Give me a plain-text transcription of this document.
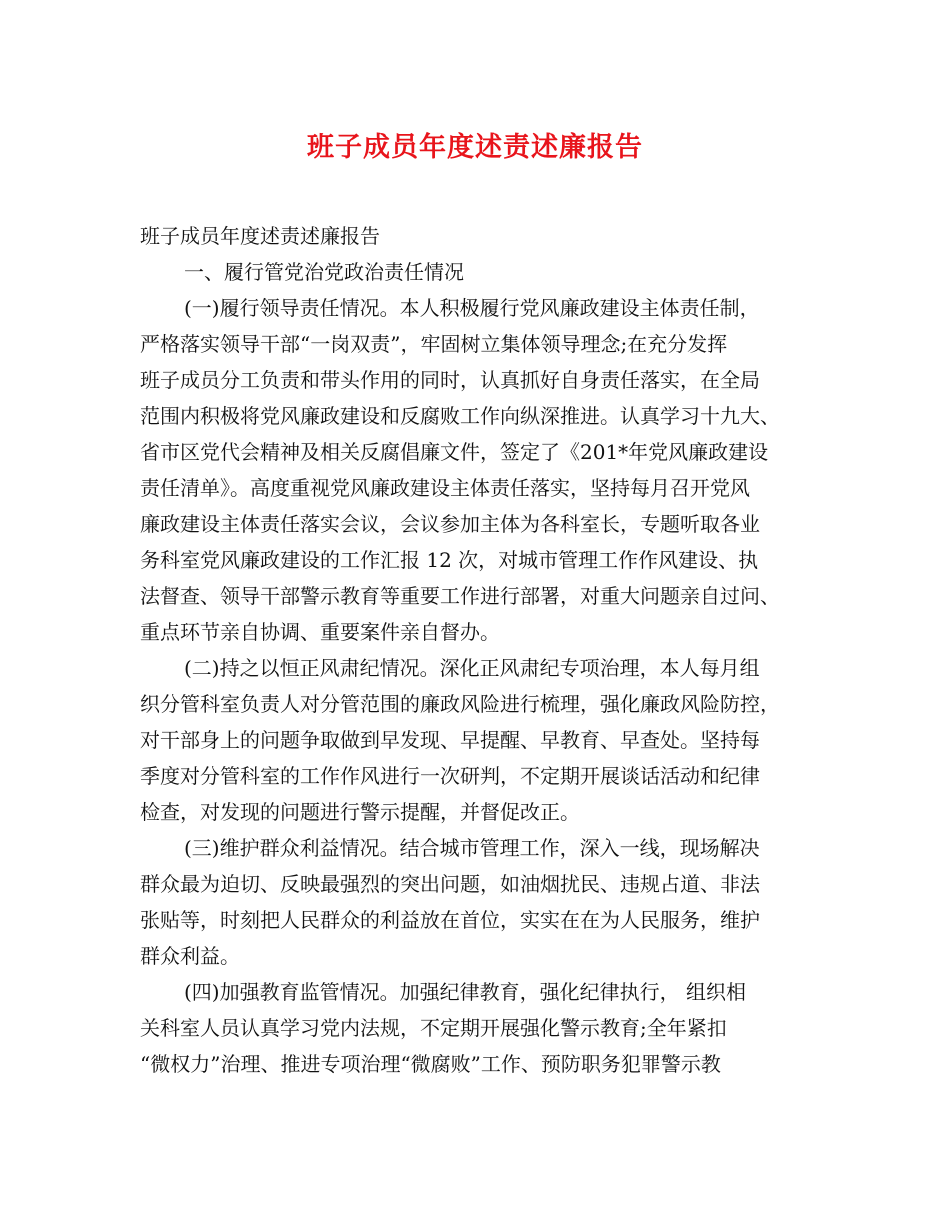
班子成员年度述责述廉报告
班子成员年度述责述廉报告
一、履行管党治党政治责任情况
(一)履行领导责任情况。本人积极履行党风廉政建设主体责任制，
严格落实领导干部“一岗双责”，牢固树立集体领导理念;在充分发挥
班子成员分工负责和带头作用的同时，认真抓好自身责任落实，在全局
范围内积极将党风廉政建设和反腐败工作向纵深推进。认真学习十九大、
省市区党代会精神及相关反腐倡廉文件，签定了《201*年党风廉政建设
责任清单》。高度重视党风廉政建设主体责任落实，坚持每月召开党风
廉政建设主体责任落实会议，会议参加主体为各科室长，专题听取各业
务科室党风廉政建设的工作汇报 12 次，对城市管理工作作风建设、执
法督查、领导干部警示教育等重要工作进行部署，对重大问题亲自过问、
重点环节亲自协调、重要案件亲自督办。
(二)持之以恒正风肃纪情况。深化正风肃纪专项治理，本人每月组
织分管科室负责人对分管范围的廉政风险进行梳理，强化廉政风险防控，
对干部身上的问题争取做到早发现、早提醒、早教育、早查处。坚持每
季度对分管科室的工作作风进行一次研判，不定期开展谈话活动和纪律
检查，对发现的问题进行警示提醒，并督促改正。
(三)维护群众利益情况。结合城市管理工作，深入一线，现场解决
群众最为迫切、反映最强烈的突出问题，如油烟扰民、违规占道、非法
张贴等，时刻把人民群众的利益放在首位，实实在在为人民服务，维护
群众利益。
(四)加强教育监管情况。加强纪律教育，强化纪律执行， 组织相
关科室人员认真学习党内法规，不定期开展强化警示教育;全年紧扣
“微权力”治理、推进专项治理“微腐败”工作、预防职务犯罪警示教
